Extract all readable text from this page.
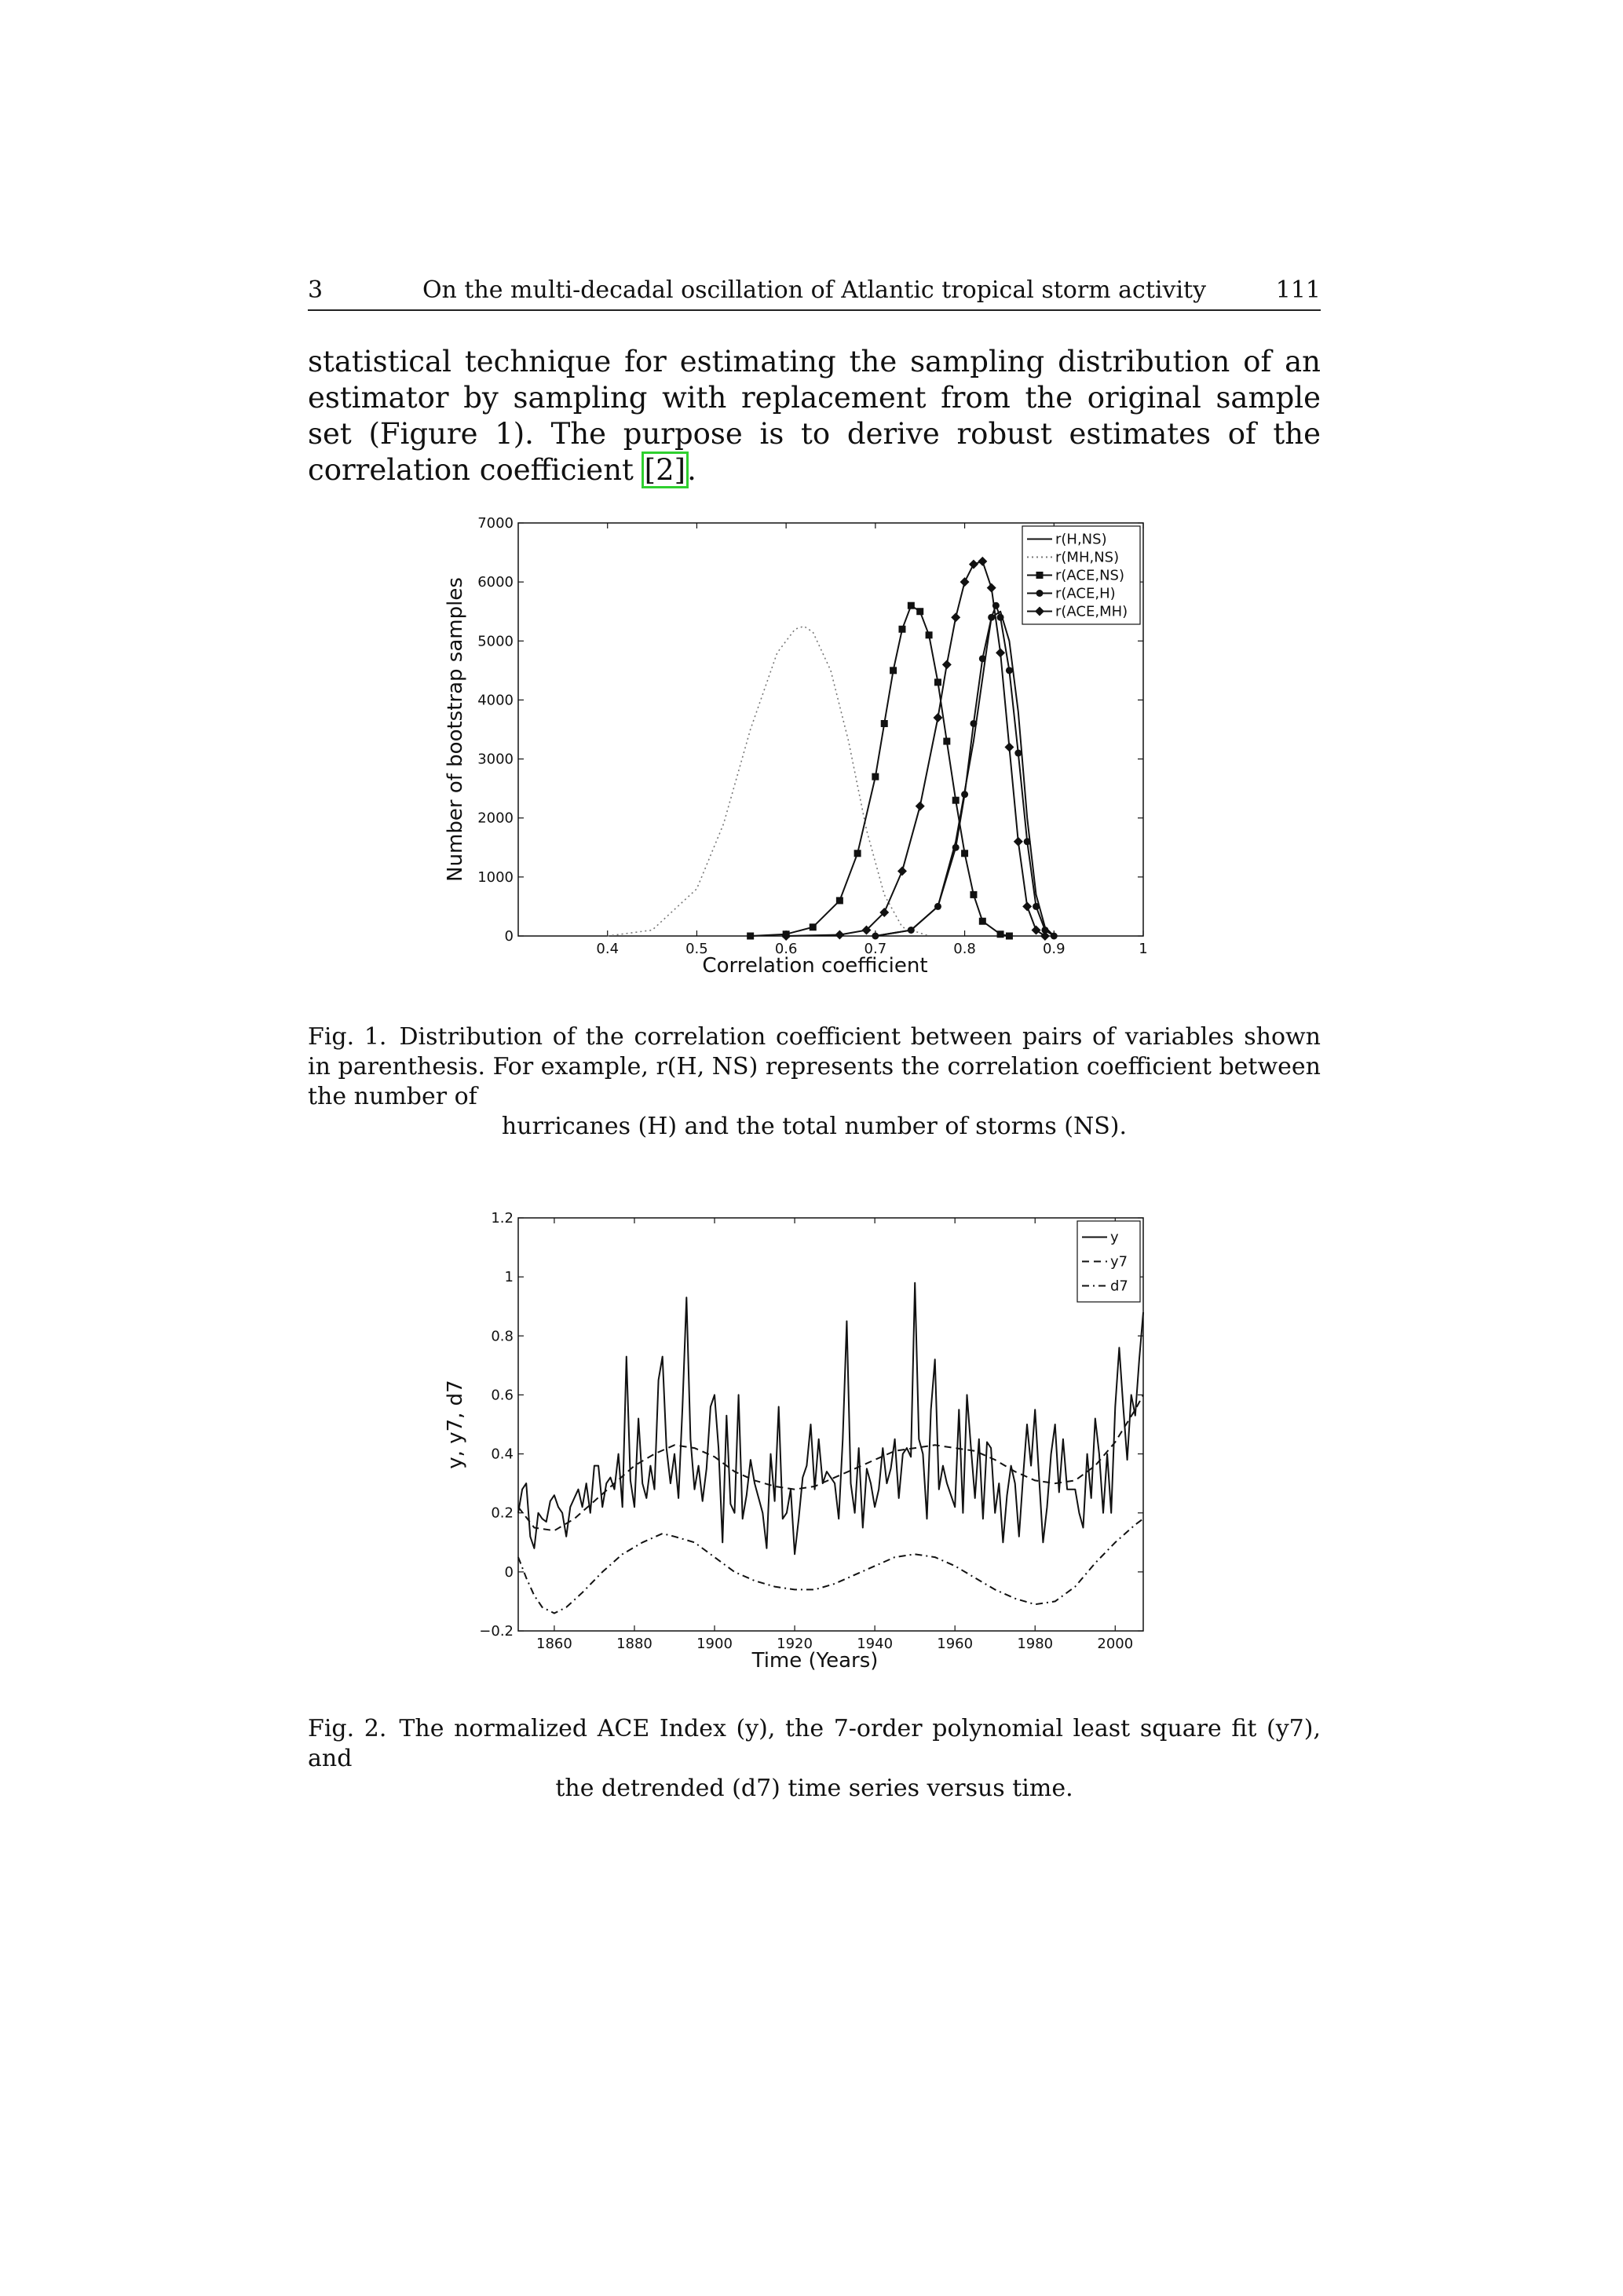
3	On the multi-decadal oscillation of Atlantic tropical storm activity	111
statistical technique for estimating the sampling distribution of an estimator by sampling with replacement from the original sample set (Figure 1). The purpose is to derive robust estimates of the correlation coefficient [2].
0.4	0.5	0.6	0.7	0.8	0.9	1
0
1000
2000
3000
4000
5000
6000
7000
Correlation coefficient
Number of bootstrap samples
r(H,NS)
r(MH,NS)
r(ACE,NS)
r(ACE,H)
r(ACE,MH)
Fig. 1. Distribution of the correlation coefficient between pairs of variables shown in parenthesis. For example, r(H, NS) represents the correlation coefficient between the number of
hurricanes (H) and the total number of storms (NS).
1860	1880	1900	1920	1940	1960	1980	2000
−0.2
0
0.2
0.4
0.6
0.8
1
1.2
Time (Years)
y, y7, d7
y
y7
d7
Fig. 2. The normalized ACE Index (y), the 7-order polynomial least square fit (y7), and
the detrended (d7) time series versus time.
